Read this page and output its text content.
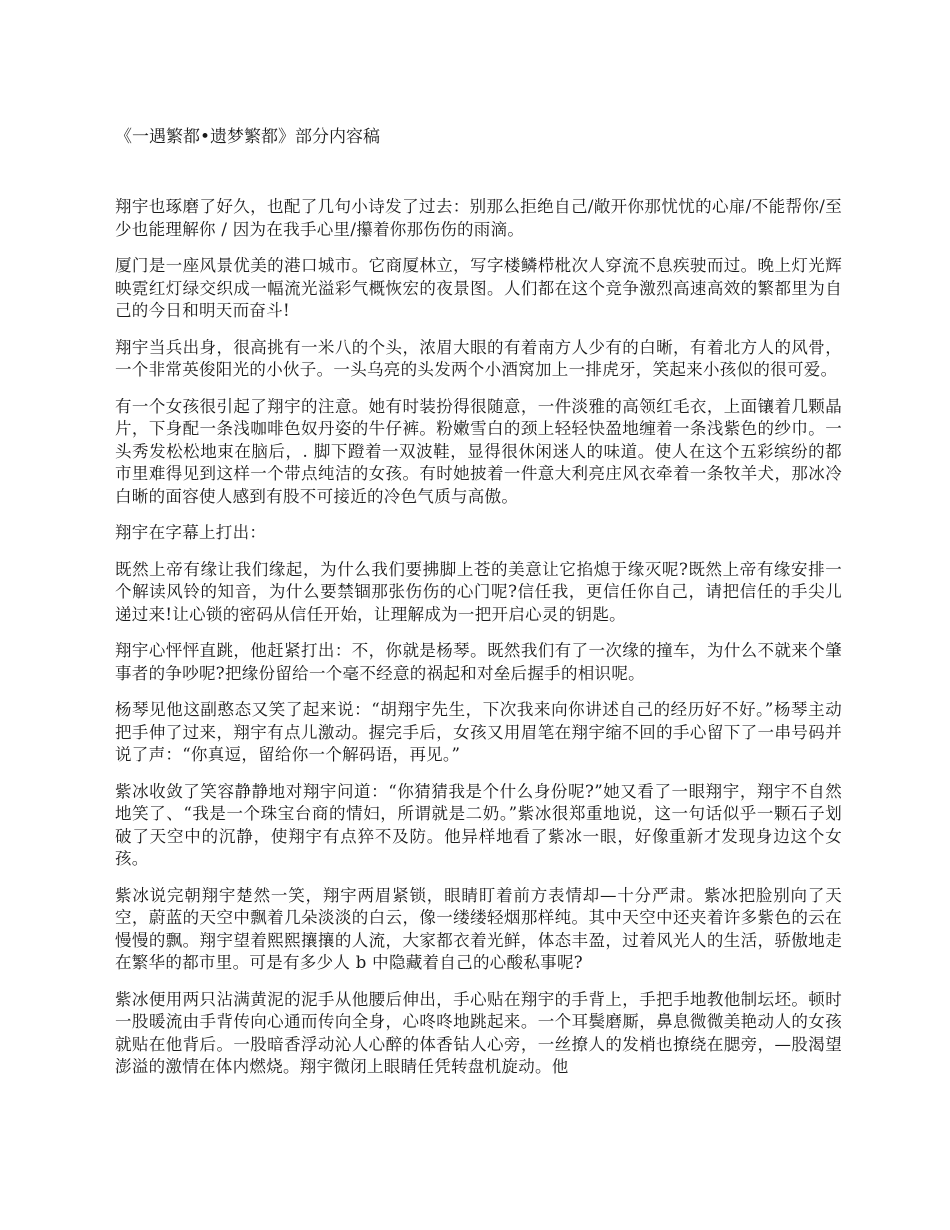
《一遇繁都•遗梦繁都》部分内容稿

翔宇也琢磨了好久，也配了几句小诗发了过去：别那么拒绝自己/敞开你那忧忧的心扉/不能帮你/至少也能理解你 / 因为在我手心里/攥着你那伤伤的雨滴。

厦门是一座风景优美的港口城市。它商厦林立，写字楼鳞栉枇次人穿流不息疾驶而过。晚上灯光辉映霓红灯绿交织成一幅流光溢彩气概恢宏的夜景图。人们都在这个竞争激烈高速高效的繁都里为自己的今日和明天而奋斗!

翔宇当兵出身，很高挑有一米八的个头，浓眉大眼的有着南方人少有的白晰，有着北方人的风骨，一个非常英俊阳光的小伙子。一头乌亮的头发两个小酒窝加上一排虎牙，笑起来小孩似的很可爱。

有一个女孩很引起了翔宇的注意。她有时装扮得很随意，一件淡雅的高领红毛衣，上面镶着几颗晶片，下身配一条浅咖啡色奴丹姿的牛仔裤。粉嫩雪白的颈上轻轻快盈地缠着一条浅紫色的纱巾。一头秀发松松地束在脑后，. 脚下蹬着一双波鞋，显得很休闲迷人的味道。使人在这个五彩缤纷的都市里难得见到这样一个带点纯洁的女孩。有时她披着一件意大利亮庄风衣牵着一条牧羊犬，那冰冷白晰的面容使人感到有股不可接近的冷色气质与高傲。

翔宇在字幕上打出：

既然上帝有缘让我们缘起，为什么我们要拂脚上苍的美意让它掐熄于缘灭呢?既然上帝有缘安排一个解读风铃的知音，为什么要禁锢那张伤伤的心门呢?信任我，更信任你自己，请把信任的手尖儿递过来!让心锁的密码从信任开始，让理解成为一把开启心灵的钥匙。

翔宇心怦怦直跳，他赶紧打出：不，你就是杨琴。既然我们有了一次缘的撞车，为什么不就来个肇事者的争吵呢?把缘份留给一个毫不经意的祸起和对垒后握手的相识呢。

杨琴见他这副憨态又笑了起来说：“胡翔宇先生，下次我来向你讲述自己的经历好不好。”杨琴主动把手伸了过来，翔宇有点儿激动。握完手后，女孩又用眉笔在翔宇缩不回的手心留下了一串号码并说了声：“你真逗，留给你一个解码语，再见。”

紫冰收敛了笑容静静地对翔宇问道：“你猜猜我是个什么身份呢?”她又看了一眼翔宇，翔宇不自然地笑了、“我是一个珠宝台商的情妇，所谓就是二奶。”紫冰很郑重地说，这一句话似乎一颗石子划破了天空中的沉静，使翔宇有点猝不及防。他异样地看了紫冰一眼，好像重新才发现身边这个女孩。

紫冰说完朝翔宇楚然一笑，翔宇两眉紧锁，眼睛盯着前方表情却—十分严肃。紫冰把脸别向了天空，蔚蓝的天空中飘着几朵淡淡的白云，像一缕缕轻烟那样纯。其中天空中还夹着许多紫色的云在慢慢的飘。翔宇望着熙熙攘攘的人流，大家都衣着光鲜，体态丰盈，过着风光人的生活，骄傲地走在繁华的都市里。可是有多少人 b 中隐藏着自己的心酸私事呢?

紫冰便用两只沾满黄泥的泥手从他腰后伸出，手心贴在翔宇的手背上，手把手地教他制坛坯。顿时一股暖流由手背传向心通而传向全身，心咚咚地跳起来。一个耳鬓磨厮，鼻息微微美艳动人的女孩就贴在他背后。一股暗香浮动沁人心醉的体香钻人心旁，一丝撩人的发梢也撩绕在腮旁，—股渴望澎溢的激情在体内燃烧。翔宇微闭上眼睛任凭转盘机旋动。他
